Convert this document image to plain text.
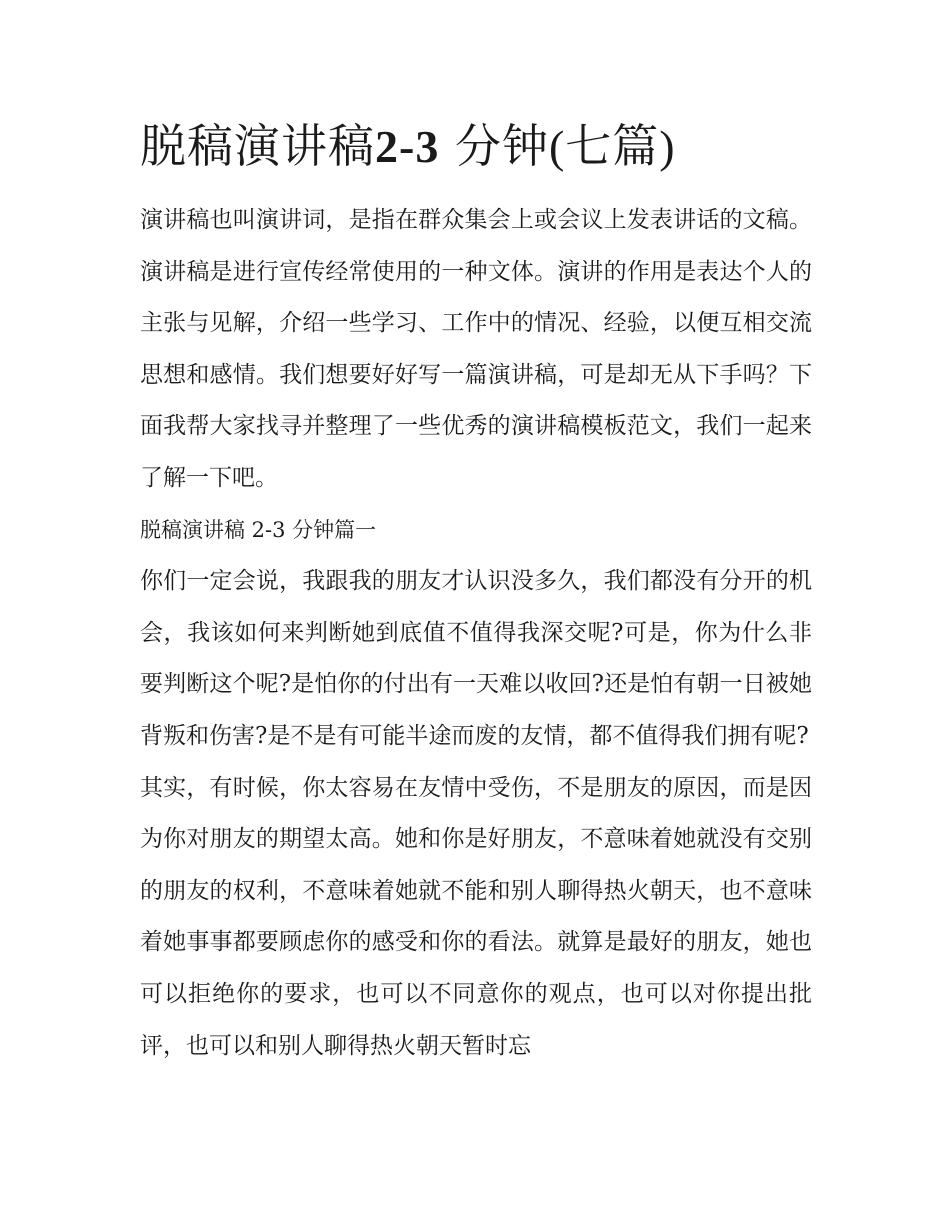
脱稿演讲稿2-3 分钟(七篇)

演讲稿也叫演讲词，是指在群众集会上或会议上发表讲话的文稿。演讲稿是进行宣传经常使用的一种文体。演讲的作用是表达个人的主张与见解，介绍一些学习、工作中的情况、经验，以便互相交流思想和感情。我们想要好好写一篇演讲稿，可是却无从下手吗？下面我帮大家找寻并整理了一些优秀的演讲稿模板范文，我们一起来了解一下吧。

脱稿演讲稿 2-3 分钟篇一

你们一定会说，我跟我的朋友才认识没多久，我们都没有分开的机会，我该如何来判断她到底值不值得我深交呢?可是，你为什么非要判断这个呢?是怕你的付出有一天难以收回?还是怕有朝一日被她背叛和伤害?是不是有可能半途而废的友情，都不值得我们拥有呢?

其实，有时候，你太容易在友情中受伤，不是朋友的原因，而是因为你对朋友的期望太高。她和你是好朋友，不意味着她就没有交别的朋友的权利，不意味着她就不能和别人聊得热火朝天，也不意味着她事事都要顾虑你的感受和你的看法。就算是最好的朋友，她也可以拒绝你的要求，也可以不同意你的观点，也可以对你提出批评，也可以和别人聊得热火朝天暂时忘
